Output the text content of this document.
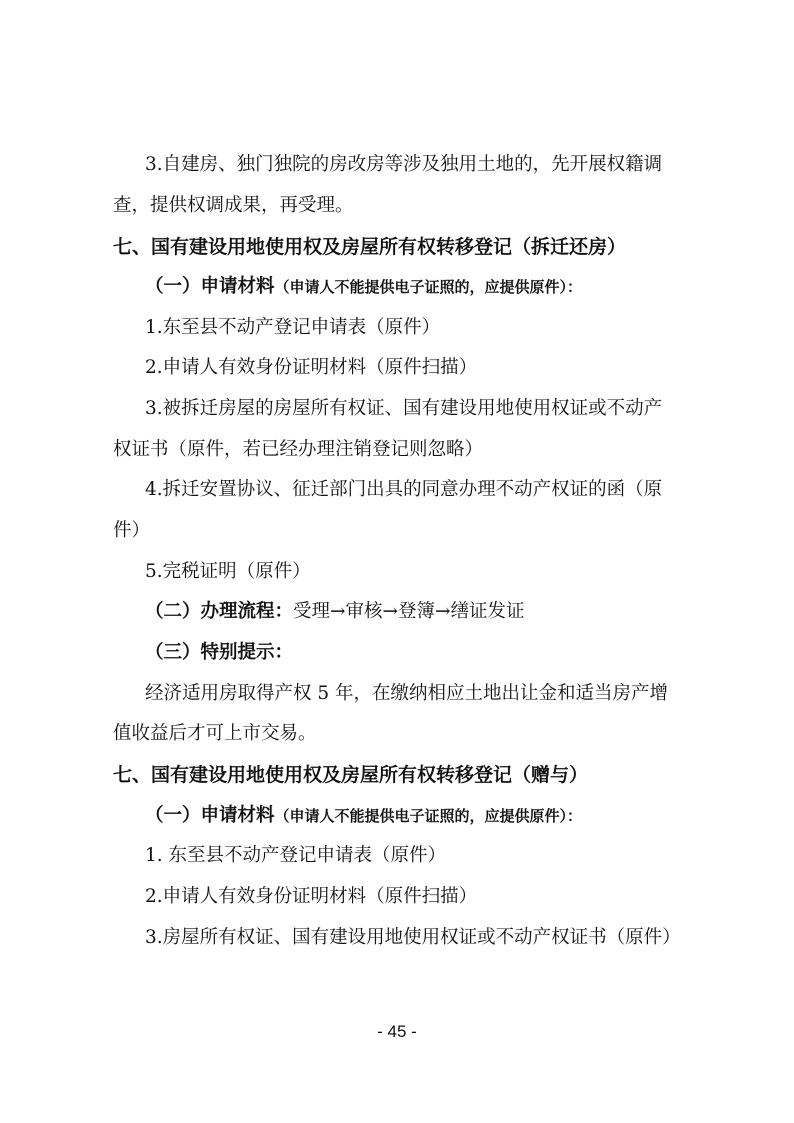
3.自建房、独门独院的房改房等涉及独用土地的，先开展权籍调
查，提供权调成果，再受理。
七、国有建设用地使用权及房屋所有权转移登记（拆迁还房）
（一）申请材料（申请人不能提供电子证照的，应提供原件）：
1.东至县不动产登记申请表（原件）
2.申请人有效身份证明材料（原件扫描）
3.被拆迁房屋的房屋所有权证、国有建设用地使用权证或不动产
权证书（原件，若已经办理注销登记则忽略）
4.拆迁安置协议、征迁部门出具的同意办理不动产权证的函（原
件）
5.完税证明（原件）
（二）办理流程：受理→审核→登簿→缮证发证
（三）特别提示：
经济适用房取得产权 5 年，在缴纳相应土地出让金和适当房产增
值收益后才可上市交易。
七、国有建设用地使用权及房屋所有权转移登记（赠与）
（一）申请材料（申请人不能提供电子证照的，应提供原件）：
1. 东至县不动产登记申请表（原件）
2.申请人有效身份证明材料（原件扫描）
3.房屋所有权证、国有建设用地使用权证或不动产权证书（原件）
- 45 -
